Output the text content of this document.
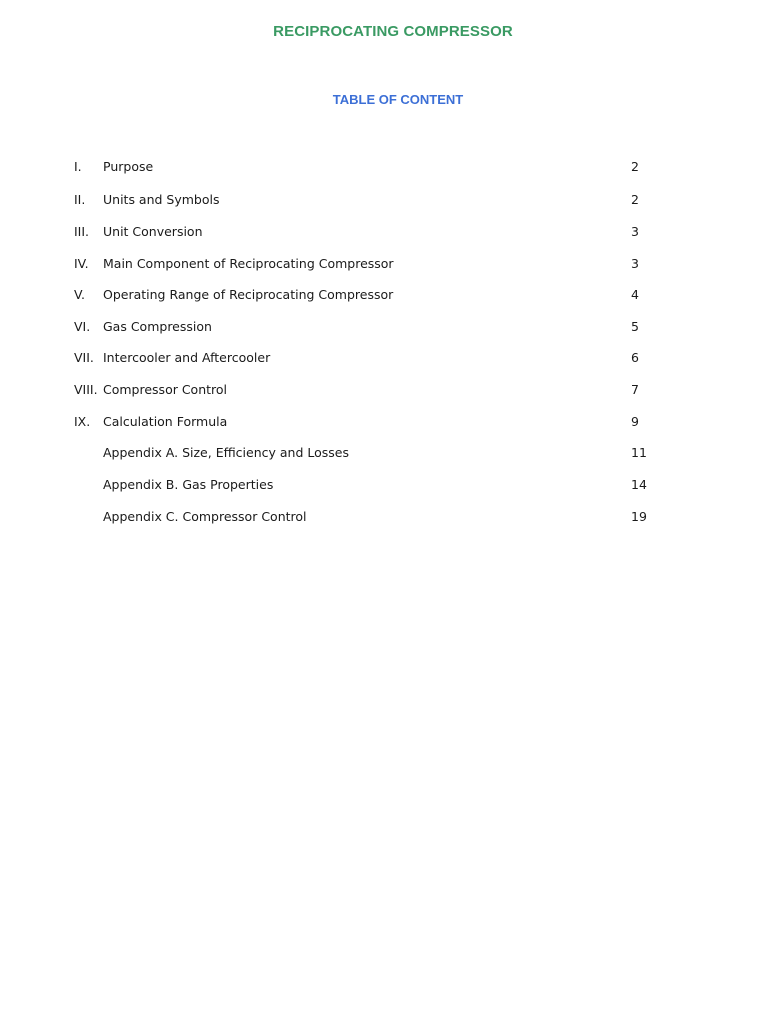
RECIPROCATING COMPRESSOR
TABLE OF CONTENT
I.	Purpose	2
II.	Units and Symbols	2
III.	Unit Conversion	3
IV.	Main Component of Reciprocating Compressor	3
V.	Operating Range of Reciprocating Compressor	4
VI.	Gas Compression	5
VII. Intercooler and Aftercooler	6
VIII. Compressor Control	7
IX.	Calculation Formula	9
Appendix A. Size, Efficiency and Losses	11
Appendix B. Gas Properties	14
Appendix C. Compressor Control	19
